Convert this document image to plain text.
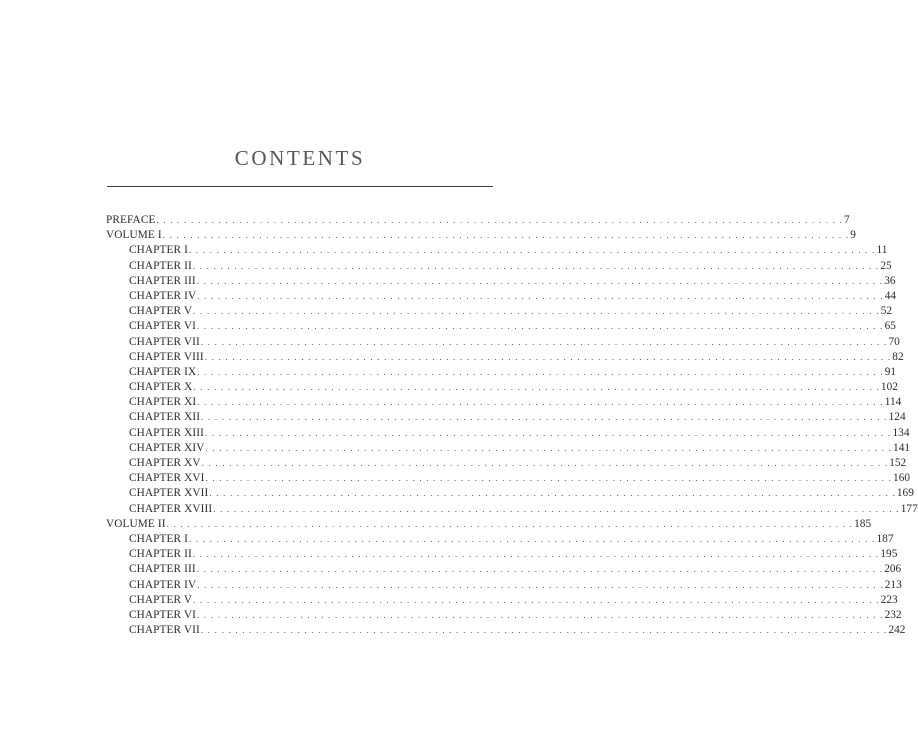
CONTENTS
PREFACE . . . . . . . . . . . . . . . . . . . . . . . . . . . . . . . . . . . . . . . . . . . . . . . . . . . . . . . . . . . . . . . . . . . . . . . . . . . . . . . . . . . . . . . . . . . . . . . . . . . . 7
VOLUME I . . . . . . . . . . . . . . . . . . . . . . . . . . . . . . . . . . . . . . . . . . . . . . . . . . . . . . . . . . . . . . . . . . . . . . . . . . . . . . . . . . . . . . . . . . . . . . . . . . . . 9
CHAPTER I . . . . . . . . . . . . . . . . . . . . . . . . . . . . . . . . . . . . . . . . . . . . . . . . . . . . . . . . . . . . . . . . . . . . . . . . . . . . . . . . . . . . . . . . . . . . . . . . . . . . 11
CHAPTER II . . . . . . . . . . . . . . . . . . . . . . . . . . . . . . . . . . . . . . . . . . . . . . . . . . . . . . . . . . . . . . . . . . . . . . . . . . . . . . . . . . . . . . . . . . . . . . . . . . . . 25
CHAPTER III . . . . . . . . . . . . . . . . . . . . . . . . . . . . . . . . . . . . . . . . . . . . . . . . . . . . . . . . . . . . . . . . . . . . . . . . . . . . . . . . . . . . . . . . . . . . . . . . . . . . 36
CHAPTER IV . . . . . . . . . . . . . . . . . . . . . . . . . . . . . . . . . . . . . . . . . . . . . . . . . . . . . . . . . . . . . . . . . . . . . . . . . . . . . . . . . . . . . . . . . . . . . . . . . . . . 44
CHAPTER V . . . . . . . . . . . . . . . . . . . . . . . . . . . . . . . . . . . . . . . . . . . . . . . . . . . . . . . . . . . . . . . . . . . . . . . . . . . . . . . . . . . . . . . . . . . . . . . . . . . . 52
CHAPTER VI . . . . . . . . . . . . . . . . . . . . . . . . . . . . . . . . . . . . . . . . . . . . . . . . . . . . . . . . . . . . . . . . . . . . . . . . . . . . . . . . . . . . . . . . . . . . . . . . . . . . 65
CHAPTER VII . . . . . . . . . . . . . . . . . . . . . . . . . . . . . . . . . . . . . . . . . . . . . . . . . . . . . . . . . . . . . . . . . . . . . . . . . . . . . . . . . . . . . . . . . . . . . . . . . . . . 70
CHAPTER VIII . . . . . . . . . . . . . . . . . . . . . . . . . . . . . . . . . . . . . . . . . . . . . . . . . . . . . . . . . . . . . . . . . . . . . . . . . . . . . . . . . . . . . . . . . . . . . . . . . . . . 82
CHAPTER IX . . . . . . . . . . . . . . . . . . . . . . . . . . . . . . . . . . . . . . . . . . . . . . . . . . . . . . . . . . . . . . . . . . . . . . . . . . . . . . . . . . . . . . . . . . . . . . . . . . . . 91
CHAPTER X . . . . . . . . . . . . . . . . . . . . . . . . . . . . . . . . . . . . . . . . . . . . . . . . . . . . . . . . . . . . . . . . . . . . . . . . . . . . . . . . . . . . . . . . . . . . . . . . . . . . 102
CHAPTER XI . . . . . . . . . . . . . . . . . . . . . . . . . . . . . . . . . . . . . . . . . . . . . . . . . . . . . . . . . . . . . . . . . . . . . . . . . . . . . . . . . . . . . . . . . . . . . . . . . . . . 114
CHAPTER XII . . . . . . . . . . . . . . . . . . . . . . . . . . . . . . . . . . . . . . . . . . . . . . . . . . . . . . . . . . . . . . . . . . . . . . . . . . . . . . . . . . . . . . . . . . . . . . . . . . . . 124
CHAPTER XIII . . . . . . . . . . . . . . . . . . . . . . . . . . . . . . . . . . . . . . . . . . . . . . . . . . . . . . . . . . . . . . . . . . . . . . . . . . . . . . . . . . . . . . . . . . . . . . . . . . . . 134
CHAPTER XIV . . . . . . . . . . . . . . . . . . . . . . . . . . . . . . . . . . . . . . . . . . . . . . . . . . . . . . . . . . . . . . . . . . . . . . . . . . . . . . . . . . . . . . . . . . . . . . . . . . . . 141
CHAPTER XV . . . . . . . . . . . . . . . . . . . . . . . . . . . . . . . . . . . . . . . . . . . . . . . . . . . . . . . . . . . . . . . . . . . . . . . . . . . . . . . . . . . . . . . . . . . . . . . . . . . . 152
CHAPTER XVI . . . . . . . . . . . . . . . . . . . . . . . . . . . . . . . . . . . . . . . . . . . . . . . . . . . . . . . . . . . . . . . . . . . . . . . . . . . . . . . . . . . . . . . . . . . . . . . . . . . . 160
CHAPTER XVII . . . . . . . . . . . . . . . . . . . . . . . . . . . . . . . . . . . . . . . . . . . . . . . . . . . . . . . . . . . . . . . . . . . . . . . . . . . . . . . . . . . . . . . . . . . . . . . . . . . . 169
CHAPTER XVIII . . . . . . . . . . . . . . . . . . . . . . . . . . . . . . . . . . . . . . . . . . . . . . . . . . . . . . . . . . . . . . . . . . . . . . . . . . . . . . . . . . . . . . . . . . . . . . . . . . . . 177
VOLUME II . . . . . . . . . . . . . . . . . . . . . . . . . . . . . . . . . . . . . . . . . . . . . . . . . . . . . . . . . . . . . . . . . . . . . . . . . . . . . . . . . . . . . . . . . . . . . . . . . . . . 185
CHAPTER I . . . . . . . . . . . . . . . . . . . . . . . . . . . . . . . . . . . . . . . . . . . . . . . . . . . . . . . . . . . . . . . . . . . . . . . . . . . . . . . . . . . . . . . . . . . . . . . . . . . . 187
CHAPTER II . . . . . . . . . . . . . . . . . . . . . . . . . . . . . . . . . . . . . . . . . . . . . . . . . . . . . . . . . . . . . . . . . . . . . . . . . . . . . . . . . . . . . . . . . . . . . . . . . . . . 195
CHAPTER III . . . . . . . . . . . . . . . . . . . . . . . . . . . . . . . . . . . . . . . . . . . . . . . . . . . . . . . . . . . . . . . . . . . . . . . . . . . . . . . . . . . . . . . . . . . . . . . . . . . . 206
CHAPTER IV . . . . . . . . . . . . . . . . . . . . . . . . . . . . . . . . . . . . . . . . . . . . . . . . . . . . . . . . . . . . . . . . . . . . . . . . . . . . . . . . . . . . . . . . . . . . . . . . . . . . 213
CHAPTER V . . . . . . . . . . . . . . . . . . . . . . . . . . . . . . . . . . . . . . . . . . . . . . . . . . . . . . . . . . . . . . . . . . . . . . . . . . . . . . . . . . . . . . . . . . . . . . . . . . . . 223
CHAPTER VI . . . . . . . . . . . . . . . . . . . . . . . . . . . . . . . . . . . . . . . . . . . . . . . . . . . . . . . . . . . . . . . . . . . . . . . . . . . . . . . . . . . . . . . . . . . . . . . . . . . . 232
CHAPTER VII . . . . . . . . . . . . . . . . . . . . . . . . . . . . . . . . . . . . . . . . . . . . . . . . . . . . . . . . . . . . . . . . . . . . . . . . . . . . . . . . . . . . . . . . . . . . . . . . . . . . 242
